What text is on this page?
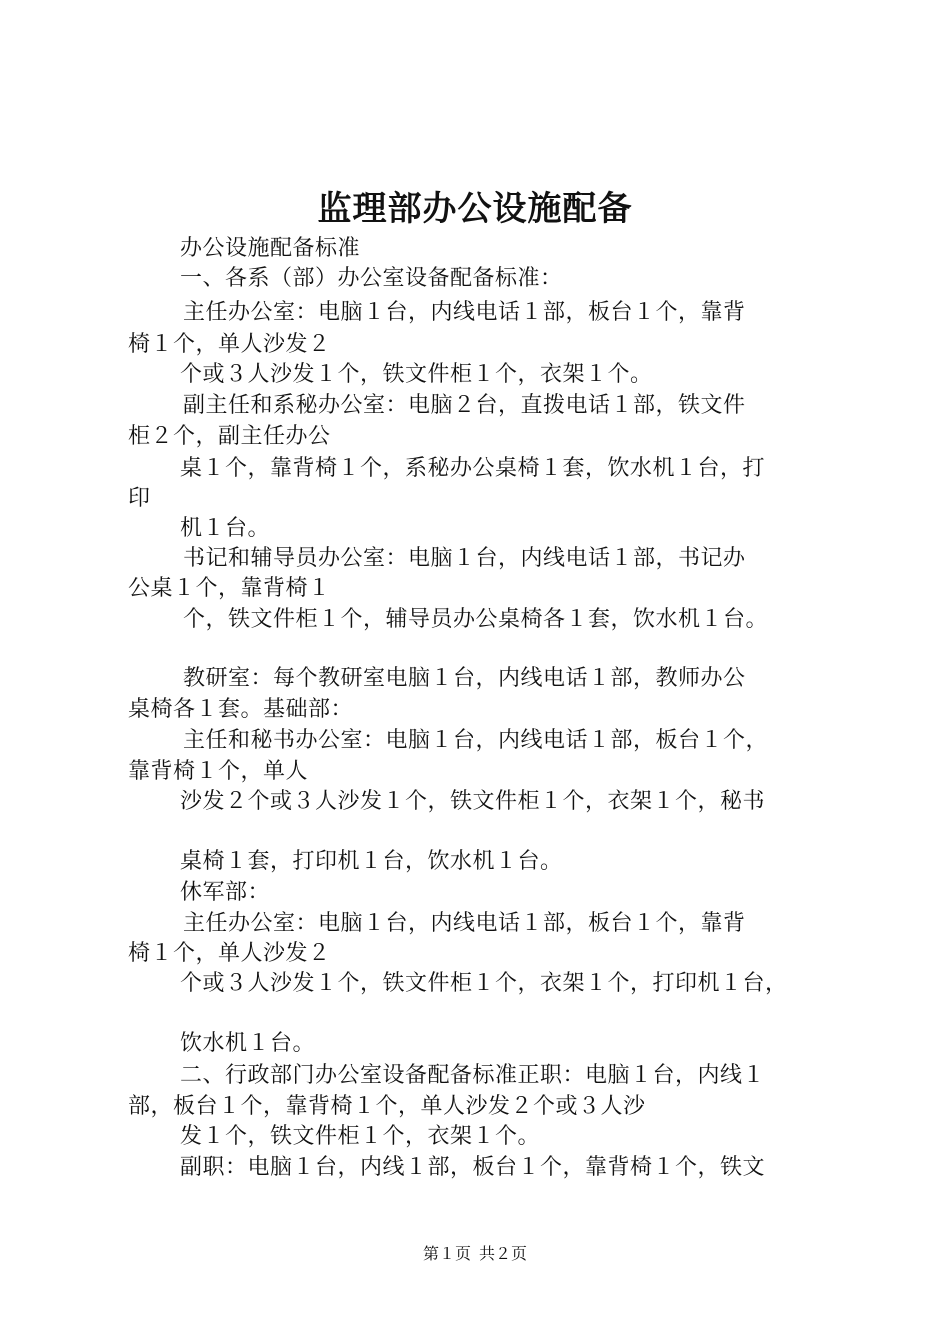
监理部办公设施配备
办公设施配备标准
一、各系（部）办公室设备配备标准：
主任办公室：电脑１台，内线电话１部，板台１个，靠背
椅１个，单人沙发２
个或３人沙发１个，铁文件柜１个，衣架１个。
副主任和系秘办公室：电脑２台，直拨电话１部，铁文件
柜２个，副主任办公
桌１个，靠背椅１个，系秘办公桌椅１套，饮水机１台，打
印
机１台。
书记和辅导员办公室：电脑１台，内线电话１部，书记办
公桌１个，靠背椅１
个，铁文件柜１个，辅导员办公桌椅各１套，饮水机１台。
教研室：每个教研室电脑１台，内线电话１部，教师办公
桌椅各１套。基础部：
主任和秘书办公室：电脑１台，内线电话１部，板台１个，
靠背椅１个，单人
沙发２个或３人沙发１个，铁文件柜１个，衣架１个，秘书
桌椅１套，打印机１台，饮水机１台。
休军部：
主任办公室：电脑１台，内线电话１部，板台１个，靠背
椅１个，单人沙发２
个或３人沙发１个，铁文件柜１个，衣架１个，打印机１台，
饮水机１台。
二、行政部门办公室设备配备标准正职：电脑１台，内线１
部，板台１个，靠背椅１个，单人沙发２个或３人沙
发１个，铁文件柜１个，衣架１个。
副职：电脑１台，内线１部，板台１个，靠背椅１个，铁文
第１页 共２页
